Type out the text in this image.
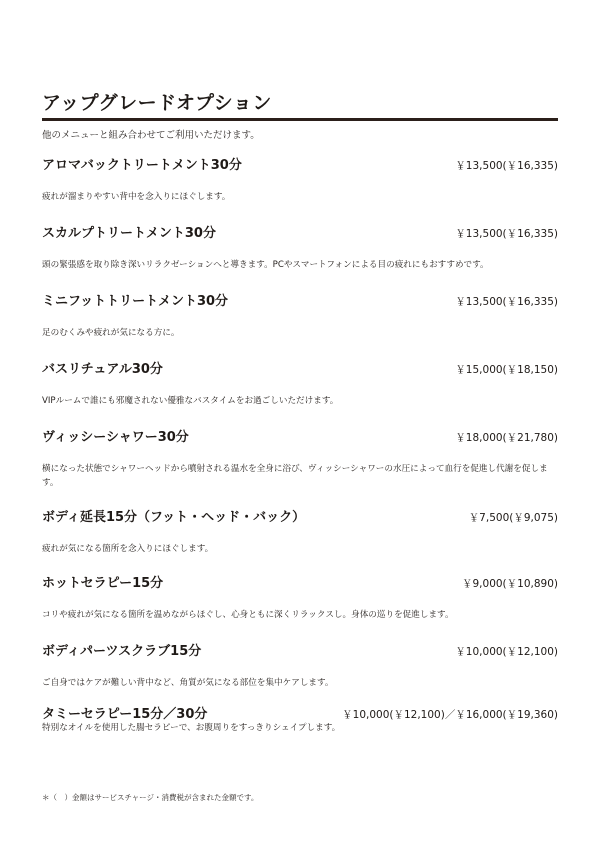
アップグレードオプション
他のメニューと組み合わせてご利用いただけます。
アロマバックトリートメント30分	￥13,500(￥16,335)
疲れが溜まりやすい背中を念入りにほぐします。
スカルプトリートメント30分	￥13,500(￥16,335)
頭の緊張感を取り除き深いリラクゼーションへと導きます。PCやスマートフォンによる目の疲れにもおすすめです。
ミニフットトリートメント30分	￥13,500(￥16,335)
足のむくみや疲れが気になる方に。
バスリチュアル30分	￥15,000(￥18,150)
VIPルームで誰にも邪魔されない優雅なバスタイムをお過ごしいただけます。
ヴィッシーシャワー30分	￥18,000(￥21,780)
横になった状態でシャワーヘッドから噴射される温水を全身に浴び、ヴィッシーシャワーの水圧によって血行を促進し代謝を促します。
ボディ延長15分（フット・ヘッド・バック）	￥7,500(￥9,075)
疲れが気になる箇所を念入りにほぐします。
ホットセラピー15分	￥9,000(￥10,890)
コリや疲れが気になる箇所を温めながらほぐし、心身ともに深くリラックスし。身体の巡りを促進します。
ボディパーツスクラブ15分	￥10,000(￥12,100)
ご自身ではケアが難しい背中など、角質が気になる部位を集中ケアします。
タミーセラピー15分／30分	￥10,000(￥12,100)／￥16,000(￥19,360)
特別なオイルを使用した腸セラピーで、お腹周りをすっきりシェイプします。
＊（　）金額はサービスチャージ・消費税が含まれた金額です。
